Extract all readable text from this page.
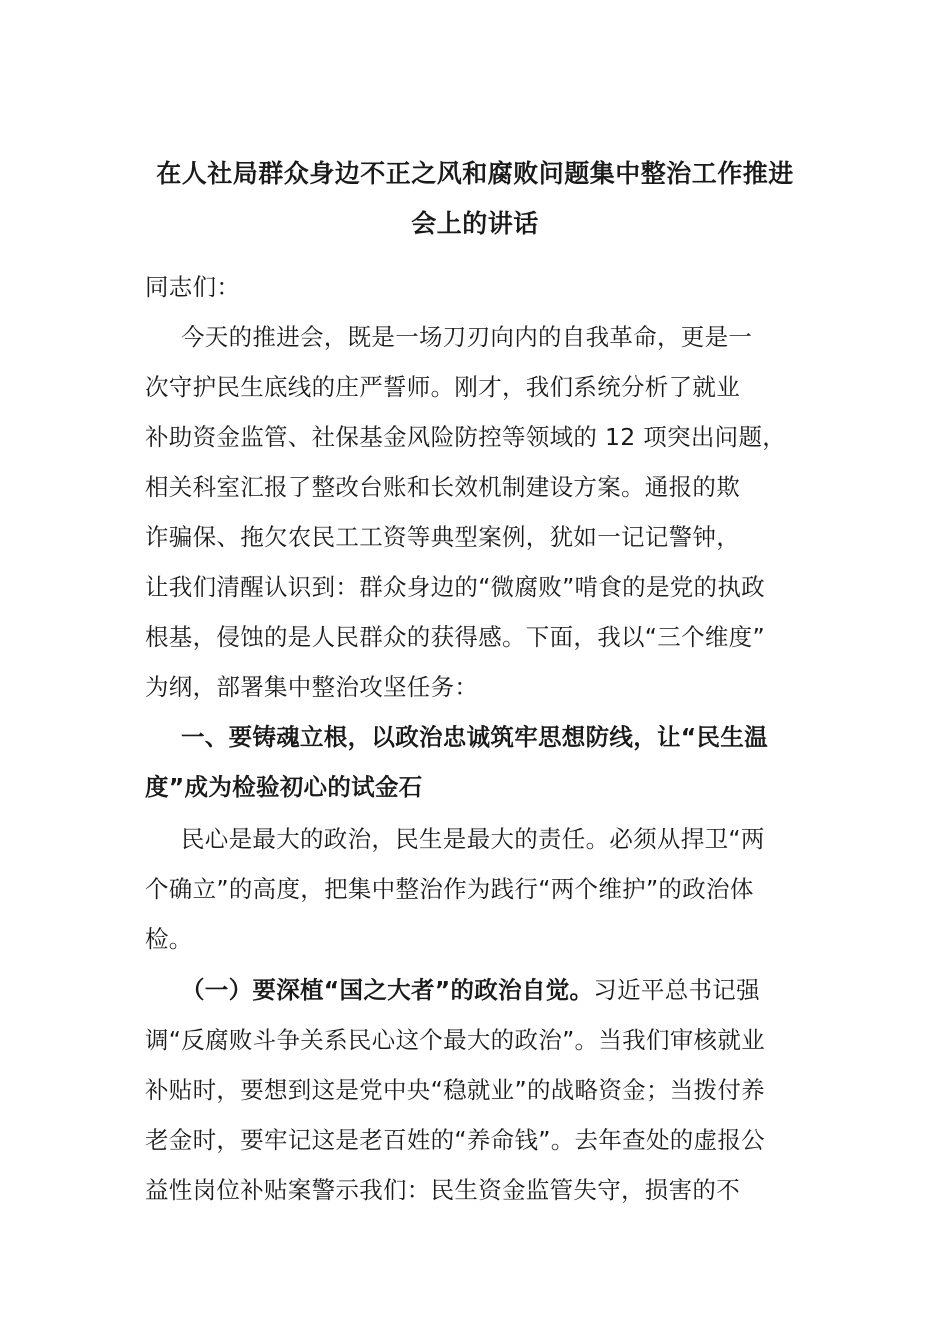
在人社局群众身边不正之风和腐败问题集中整治工作推进
会上的讲话
同志们：
今天的推进会，既是一场刀刃向内的自我革命，更是一
次守护民生底线的庄严誓师。刚才，我们系统分析了就业
补助资金监管、社保基金风险防控等领域的 12 项突出问题，
相关科室汇报了整改台账和长效机制建设方案。通报的欺
诈骗保、拖欠农民工工资等典型案例，犹如一记记警钟，
让我们清醒认识到：群众身边的“微腐败”啃食的是党的执政
根基，侵蚀的是人民群众的获得感。下面，我以“三个维度”
为纲，部署集中整治攻坚任务：
一、要铸魂立根，以政治忠诚筑牢思想防线，让“民生温
度”成为检验初心的试金石
民心是最大的政治，民生是最大的责任。必须从捍卫“两
个确立”的高度，把集中整治作为践行“两个维护”的政治体
检。
（一）要深植“国之大者”的政治自觉。习近平总书记强
调“反腐败斗争关系民心这个最大的政治”。当我们审核就业
补贴时，要想到这是党中央“稳就业”的战略资金；当拨付养
老金时，要牢记这是老百姓的“养命钱”。去年查处的虚报公
益性岗位补贴案警示我们：民生资金监管失守，损害的不
